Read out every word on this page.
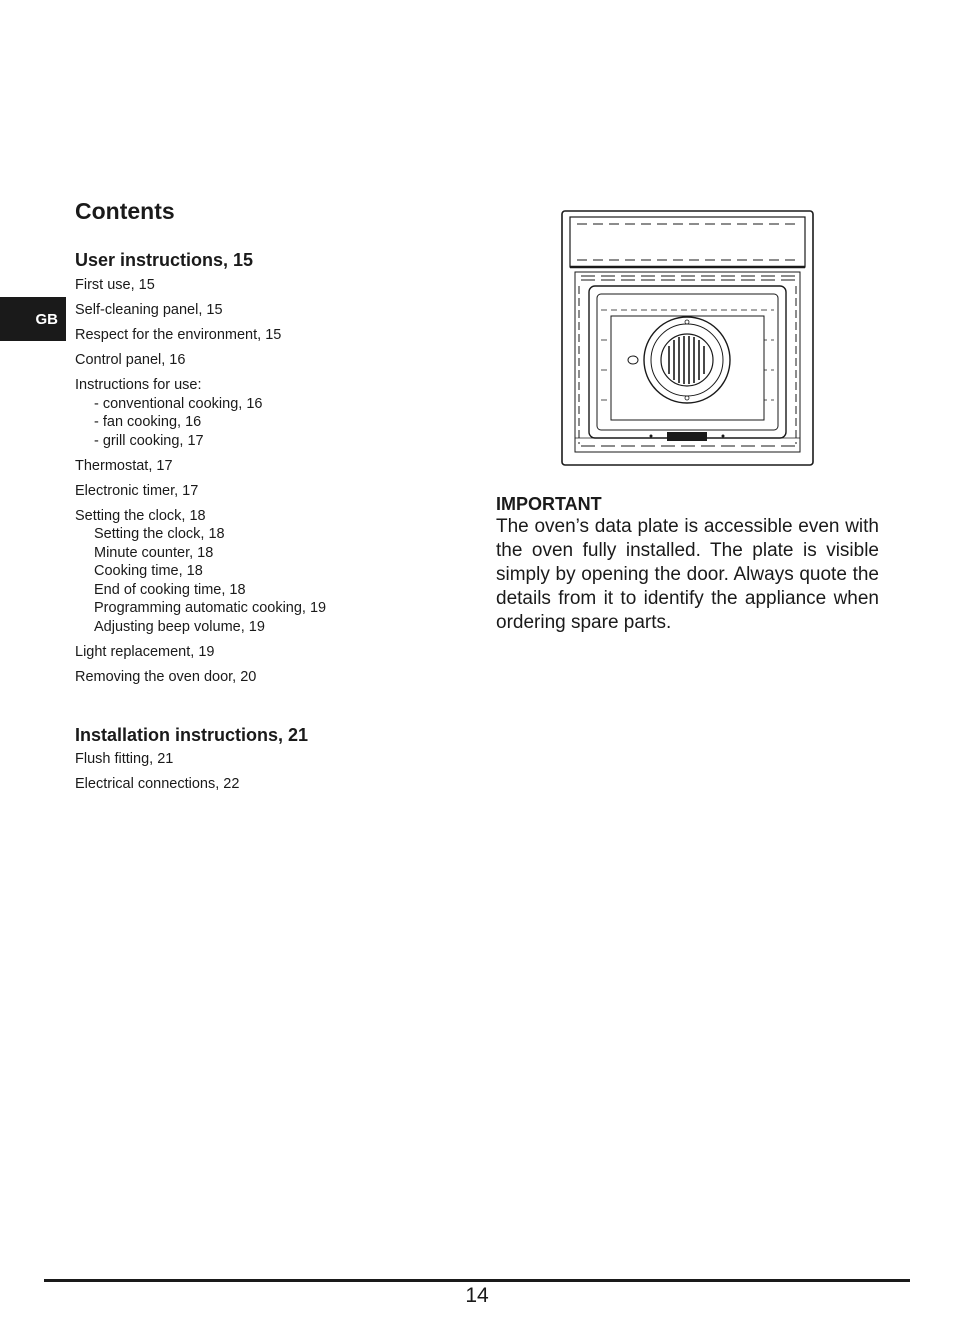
GB
Contents
User instructions, 15
First use, 15
Self-cleaning panel, 15
Respect for the environment, 15
Control panel, 16
Instructions for use:
- conventional cooking, 16
- fan cooking, 16
- grill cooking, 17
Thermostat, 17
Electronic timer, 17
Setting the clock, 18
Setting the clock, 18
Minute counter, 18
Cooking time, 18
End of cooking time, 18
Programming automatic cooking, 19
Adjusting beep volume, 19
Light replacement, 19
Removing the oven door, 20
Installation instructions, 21
Flush fitting, 21
Electrical connections, 22
IMPORTANT

The oven’s data plate is accessible even with the oven fully installed. The plate is visible simply by opening the door. Always quote the details from it to identify the appliance when ordering spare parts.

14
